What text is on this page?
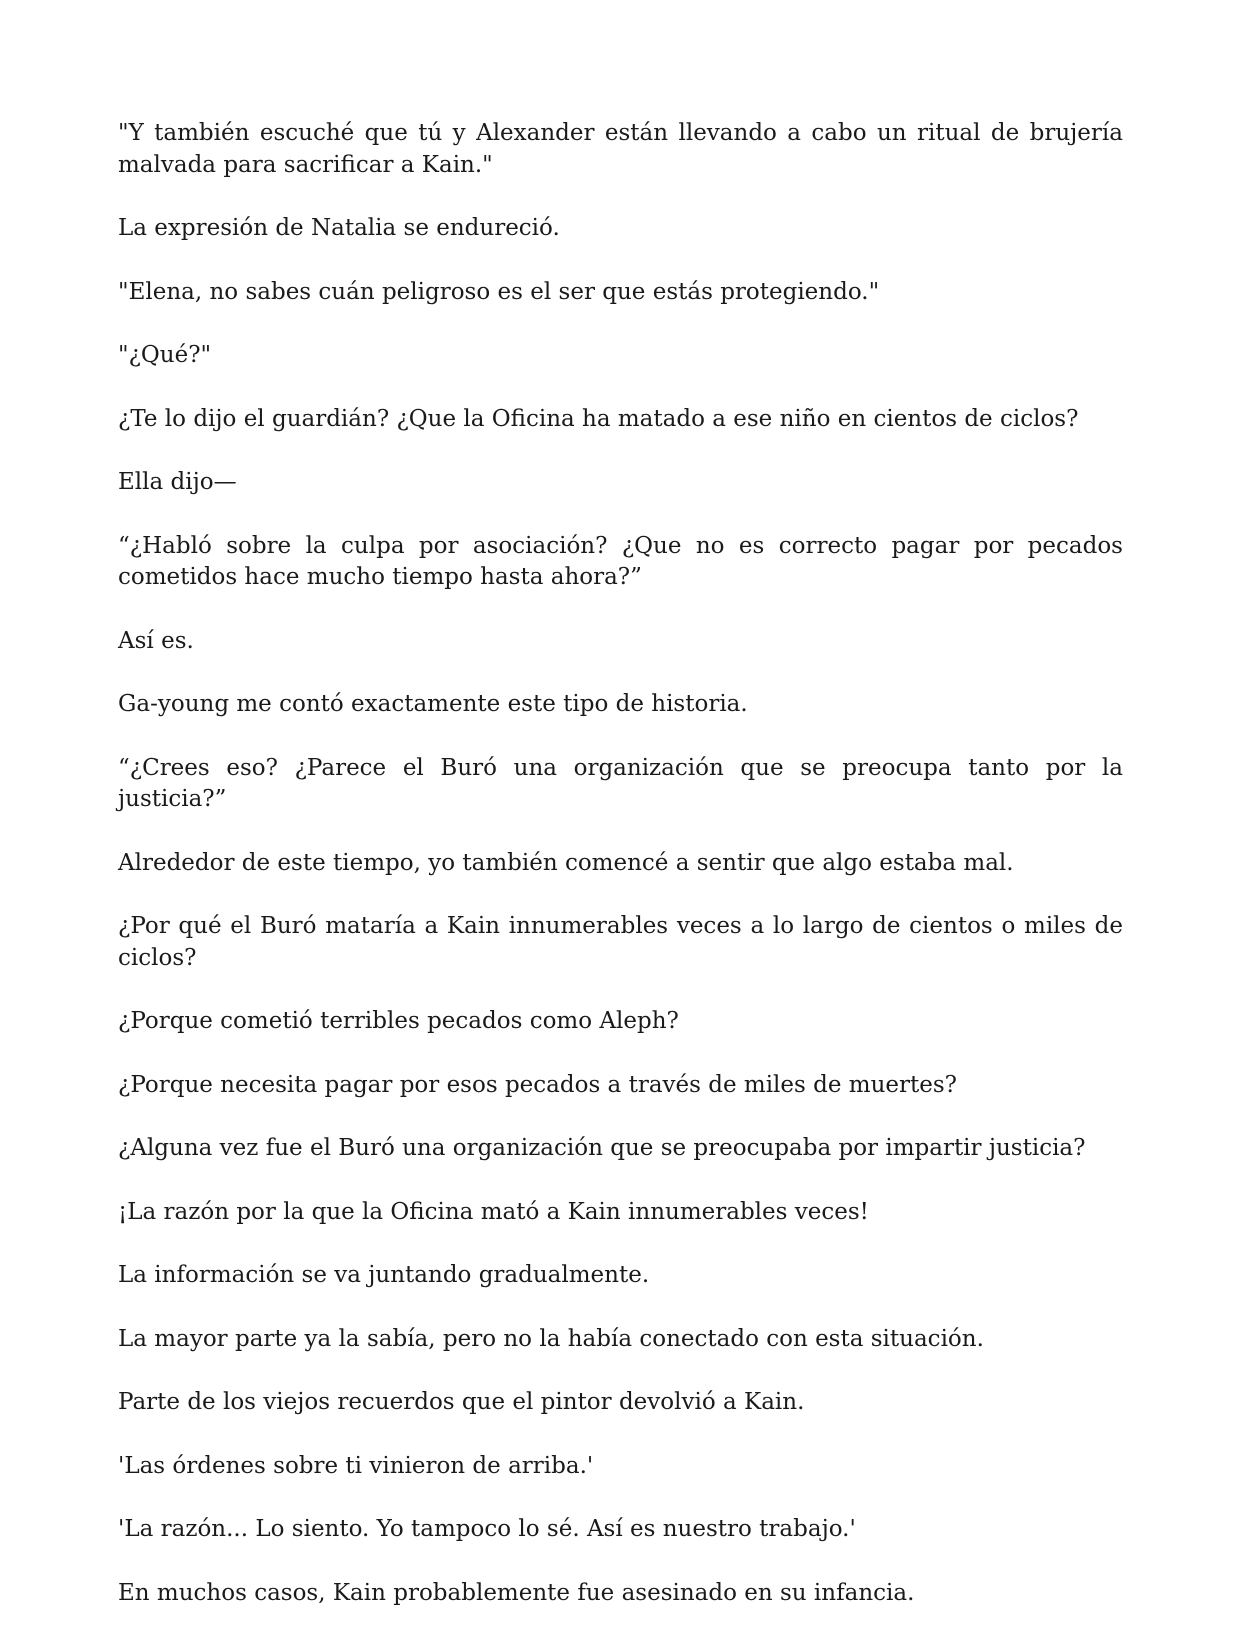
"Y también escuché que tú y Alexander están llevando a cabo un ritual de brujería malvada para sacrificar a Kain."

La expresión de Natalia se endureció.

"Elena, no sabes cuán peligroso es el ser que estás protegiendo."

"¿Qué?"

¿Te lo dijo el guardián? ¿Que la Oficina ha matado a ese niño en cientos de ciclos?

Ella dijo—

“¿Habló sobre la culpa por asociación? ¿Que no es correcto pagar por pecados cometidos hace mucho tiempo hasta ahora?”

Así es.

Ga-young me contó exactamente este tipo de historia.

“¿Crees eso? ¿Parece el Buró una organización que se preocupa tanto por la justicia?”

Alrededor de este tiempo, yo también comencé a sentir que algo estaba mal.

¿Por qué el Buró mataría a Kain innumerables veces a lo largo de cientos o miles de ciclos?

¿Porque cometió terribles pecados como Aleph?

¿Porque necesita pagar por esos pecados a través de miles de muertes?

¿Alguna vez fue el Buró una organización que se preocupaba por impartir justicia?

¡La razón por la que la Oficina mató a Kain innumerables veces!

La información se va juntando gradualmente.

La mayor parte ya la sabía, pero no la había conectado con esta situación.

Parte de los viejos recuerdos que el pintor devolvió a Kain.

'Las órdenes sobre ti vinieron de arriba.'

'La razón... Lo siento. Yo tampoco lo sé. Así es nuestro trabajo.'

En muchos casos, Kain probablemente fue asesinado en su infancia.
